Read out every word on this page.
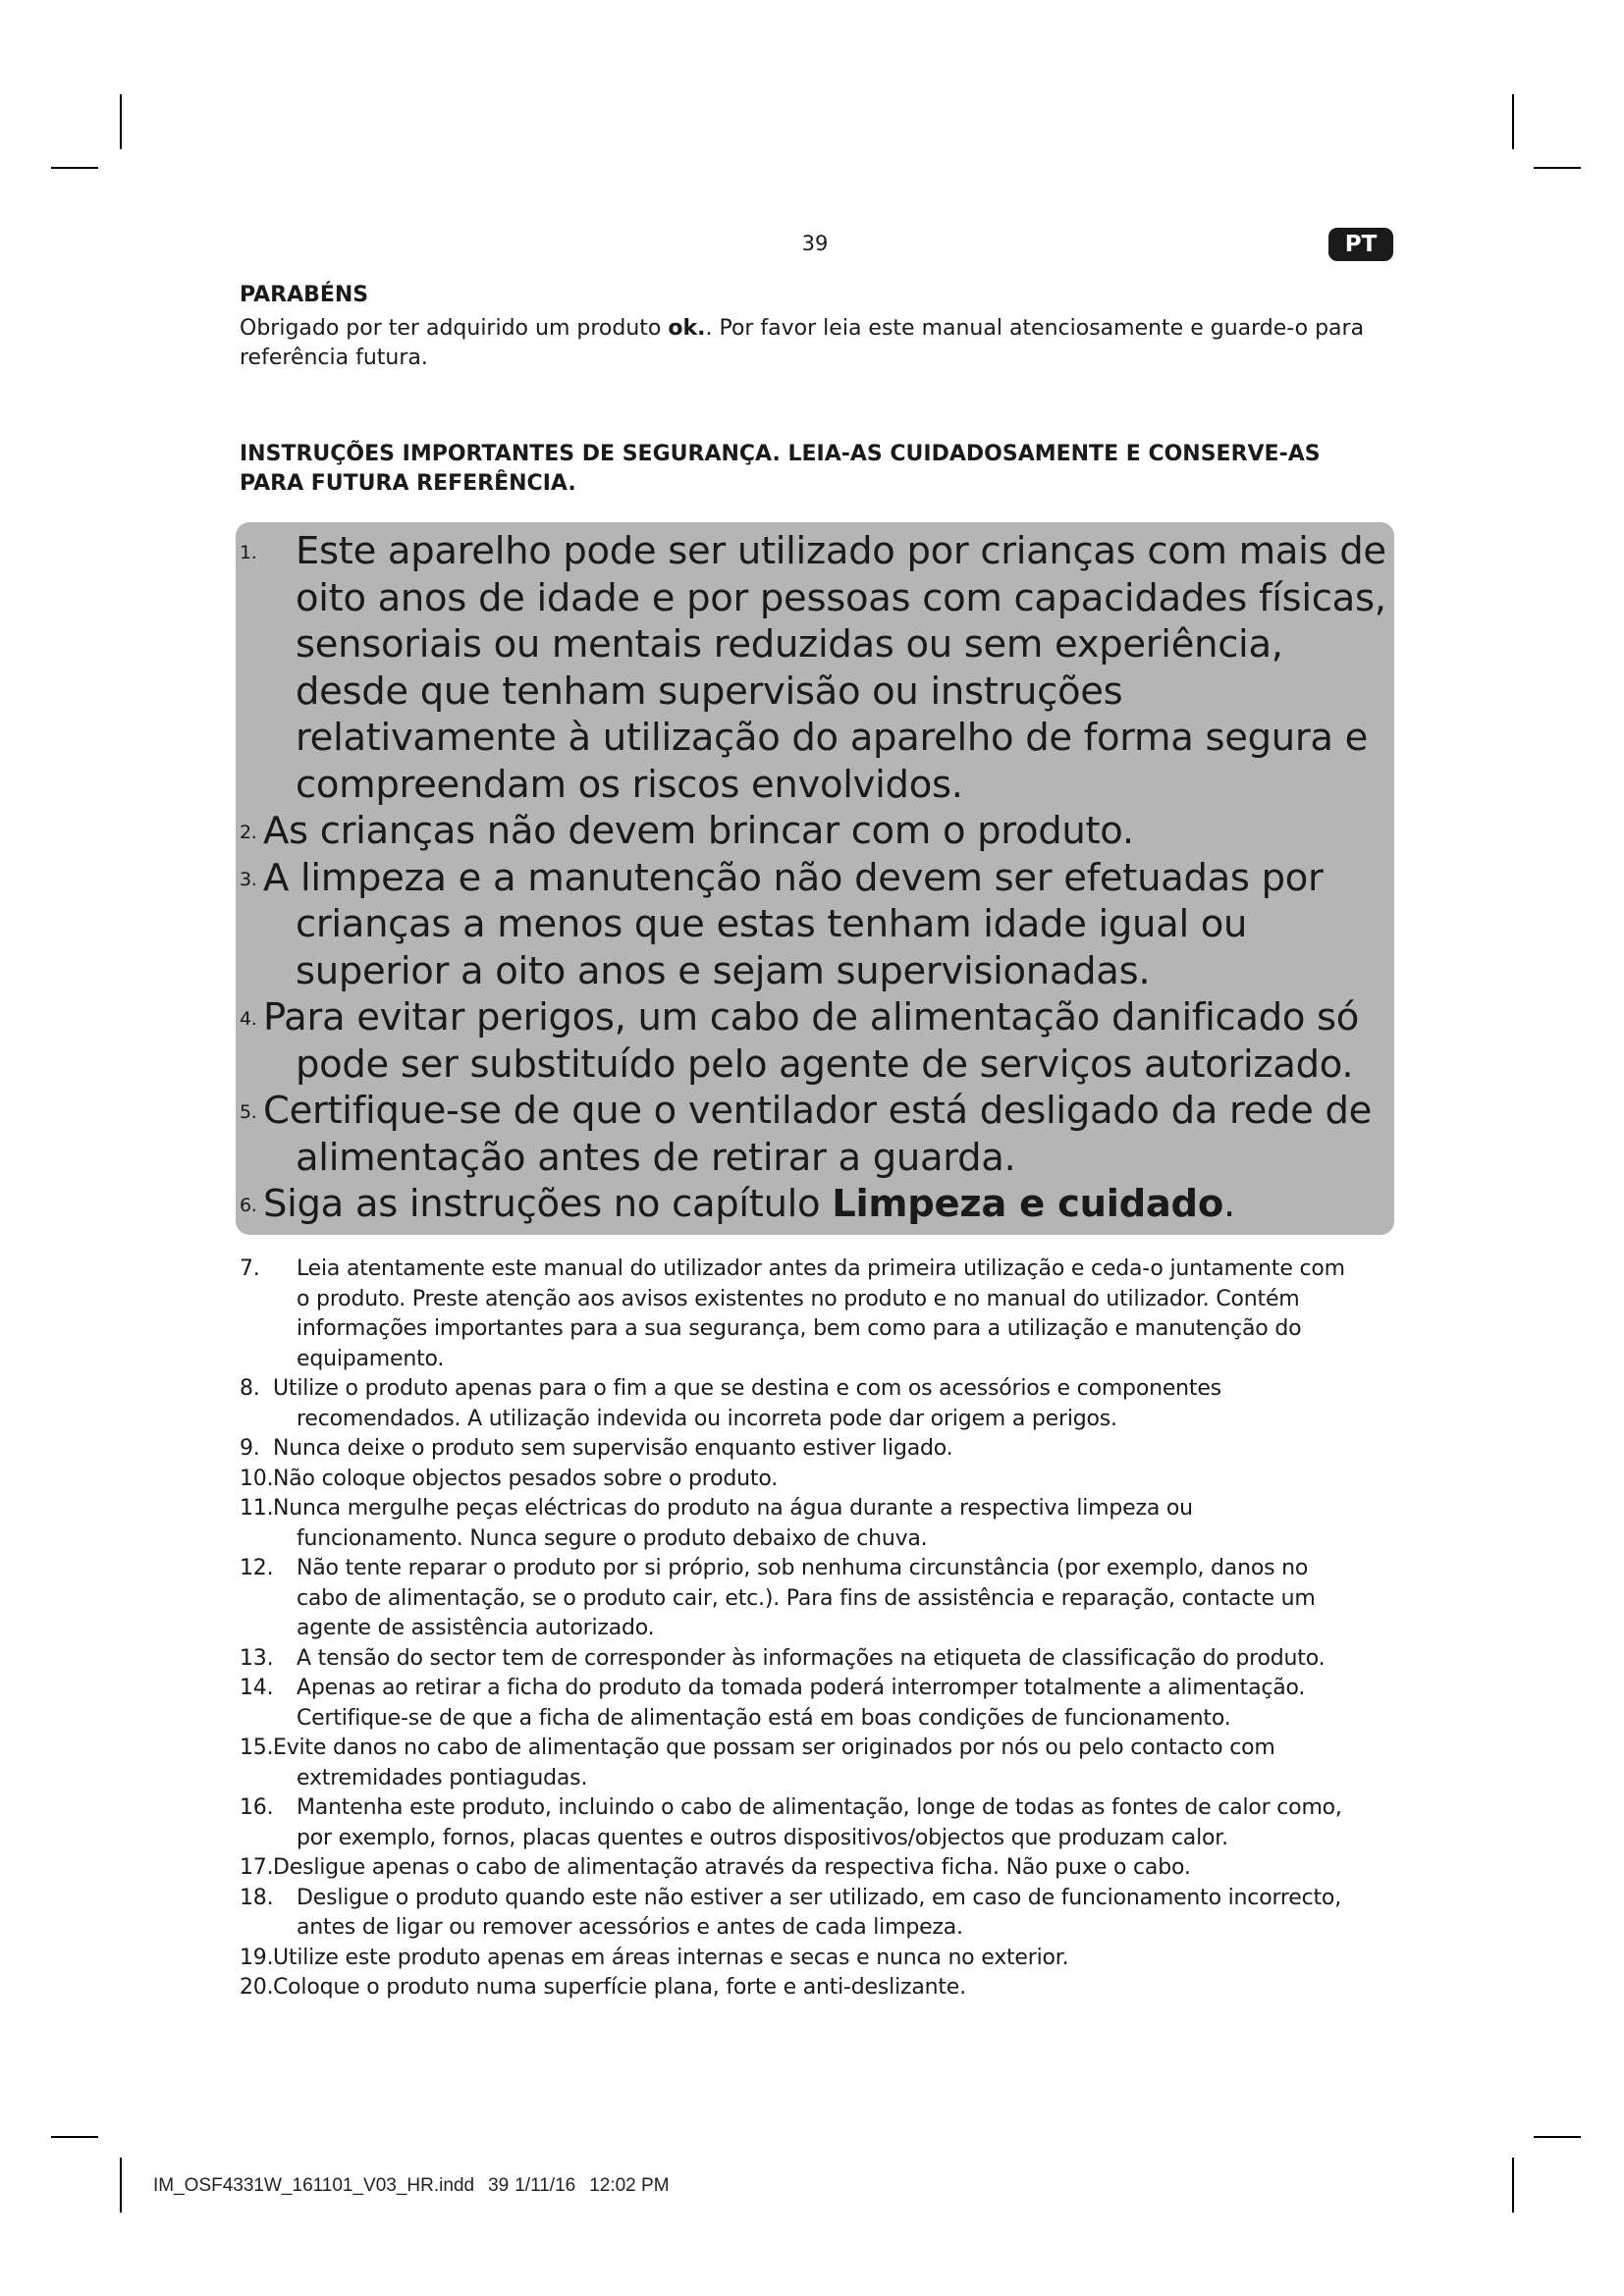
39	PT
PARABÉNS
Obrigado por ter adquirido um produto ok.. Por favor leia este manual atenciosamente e guarde-o para referência futura.
INSTRUÇÕES IMPORTANTES DE SEGURANÇA. LEIA-AS CUIDADOSAMENTE E CONSERVE-AS
PARA FUTURA REFERÊNCIA.
1. Este aparelho pode ser utilizado por crianças com mais de
oito anos de idade e por pessoas com capacidades físicas, sensoriais ou mentais reduzidas ou sem experiência, desde que tenham supervisão ou instruções relativamente à utilização do aparelho de forma segura e compreendam os riscos envolvidos.
2. As crianças não devem brincar com o produto.
3. A limpeza e a manutenção não devem ser efetuadas por
crianças a menos que estas tenham idade igual ou superior a oito anos e sejam supervisionadas.
4. Para evitar perigos, um cabo de alimentação danificado só
pode ser substituído pelo agente de serviços autorizado.
5. Certifique-se de que o ventilador está desligado da rede de
alimentação antes de retirar a guarda.
6. Siga as instruções no capítulo Limpeza e cuidado.
7. Leia atentamente este manual do utilizador antes da primeira utilização e ceda-o juntamente com
o produto. Preste atenção aos avisos existentes no produto e no manual do utilizador. Contém informações importantes para a sua segurança, bem como para a utilização e manutenção do equipamento.
8. Utilize o produto apenas para o fim a que se destina e com os acessórios e componentes
recomendados. A utilização indevida ou incorreta pode dar origem a perigos.
9. Nunca deixe o produto sem supervisão enquanto estiver ligado.
10. Não coloque objectos pesados sobre o produto.
11. Nunca mergulhe peças eléctricas do produto na água durante a respectiva limpeza ou
funcionamento. Nunca segure o produto debaixo de chuva.
12. Não tente reparar o produto por si próprio, sob nenhuma circunstância (por exemplo, danos no
cabo de alimentação, se o produto cair, etc.). Para fins de assistência e reparação, contacte um agente de assistência autorizado.
13. A tensão do sector tem de corresponder às informações na etiqueta de classificação do produto.
14. Apenas ao retirar a ficha do produto da tomada poderá interromper totalmente a alimentação.
Certifique-se de que a ficha de alimentação está em boas condições de funcionamento.
15. Evite danos no cabo de alimentação que possam ser originados por nós ou pelo contacto com
extremidades pontiagudas.
16. Mantenha este produto, incluindo o cabo de alimentação, longe de todas as fontes de calor como,
por exemplo, fornos, placas quentes e outros dispositivos/objectos que produzam calor.
17. Desligue apenas o cabo de alimentação através da respectiva ficha. Não puxe o cabo.
18. Desligue o produto quando este não estiver a ser utilizado, em caso de funcionamento incorrecto,
antes de ligar ou remover acessórios e antes de cada limpeza.
19. Utilize este produto apenas em áreas internas e secas e nunca no exterior.
20. Coloque o produto numa superfície plana, forte e anti-deslizante.
IM_OSF4331W_161101_V03_HR.indd 39 1/11/16 12:02 PM
